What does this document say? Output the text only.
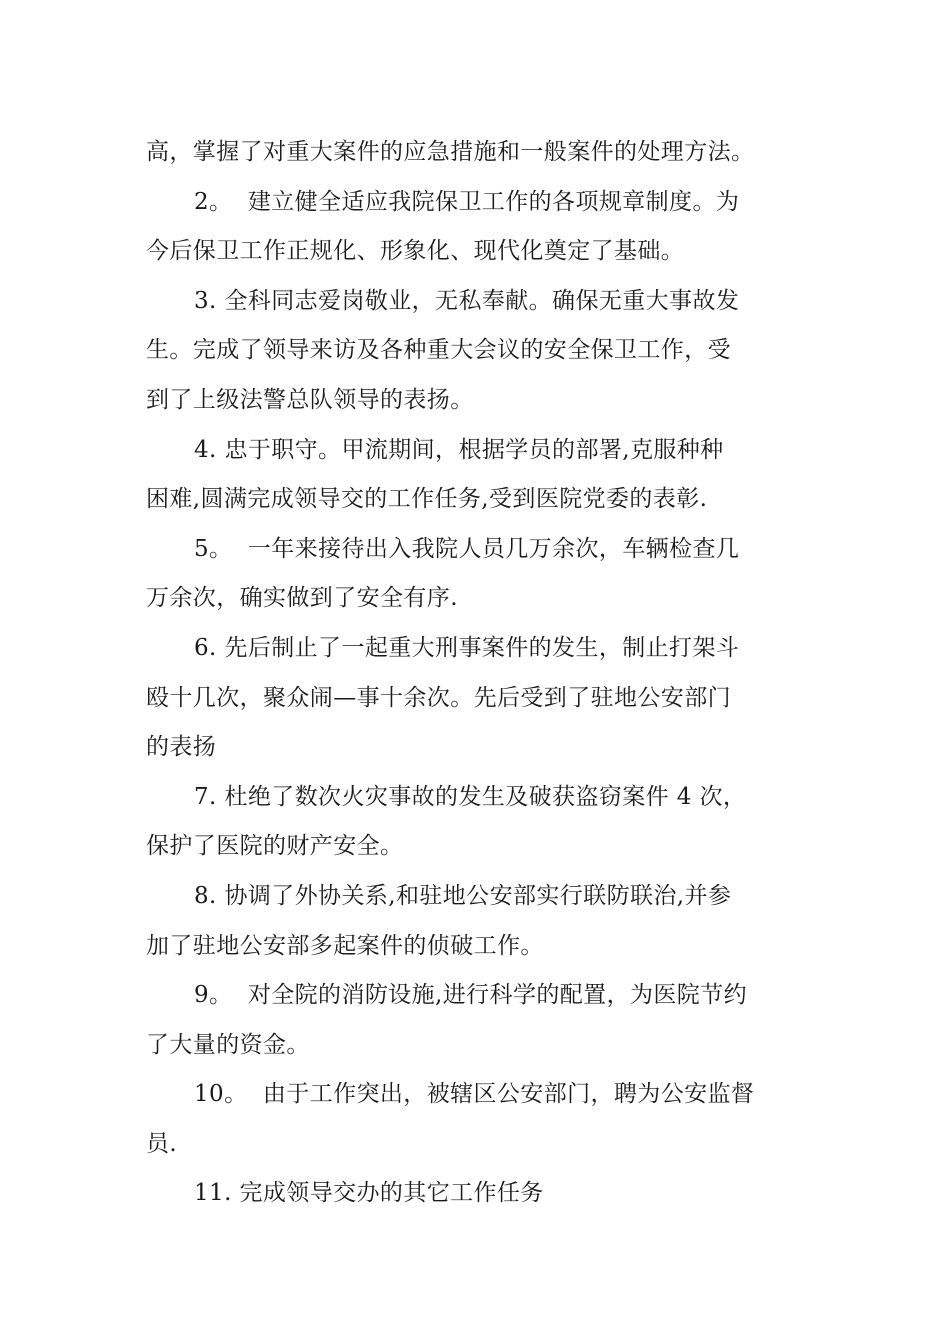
高，掌握了对重大案件的应急措施和一般案件的处理方法。

2。  建立健全适应我院保卫工作的各项规章制度。为
今后保卫工作正规化、形象化、现代化奠定了基础。

3. 全科同志爱岗敬业，无私奉献。确保无重大事故发
生。完成了领导来访及各种重大会议的安全保卫工作，受
到了上级法警总队领导的表扬。

4. 忠于职守。甲流期间，根据学员的部署,克服种种
困难,圆满完成领导交的工作任务,受到医院党委的表彰.

5。  一年来接待出入我院人员几万余次，车辆检查几
万余次，确实做到了安全有序.

6. 先后制止了一起重大刑事案件的发生，制止打架斗
殴十几次，聚众闹—事十余次。先后受到了驻地公安部门
的表扬

7. 杜绝了数次火灾事故的发生及破获盗窃案件 4 次，
保护了医院的财产安全。

8. 协调了外协关系,和驻地公安部实行联防联治,并参
加了驻地公安部多起案件的侦破工作。

9。  对全院的消防设施,进行科学的配置，为医院节约
了大量的资金。

10。  由于工作突出，被辖区公安部门，聘为公安监督
员.

11. 完成领导交办的其它工作任务
